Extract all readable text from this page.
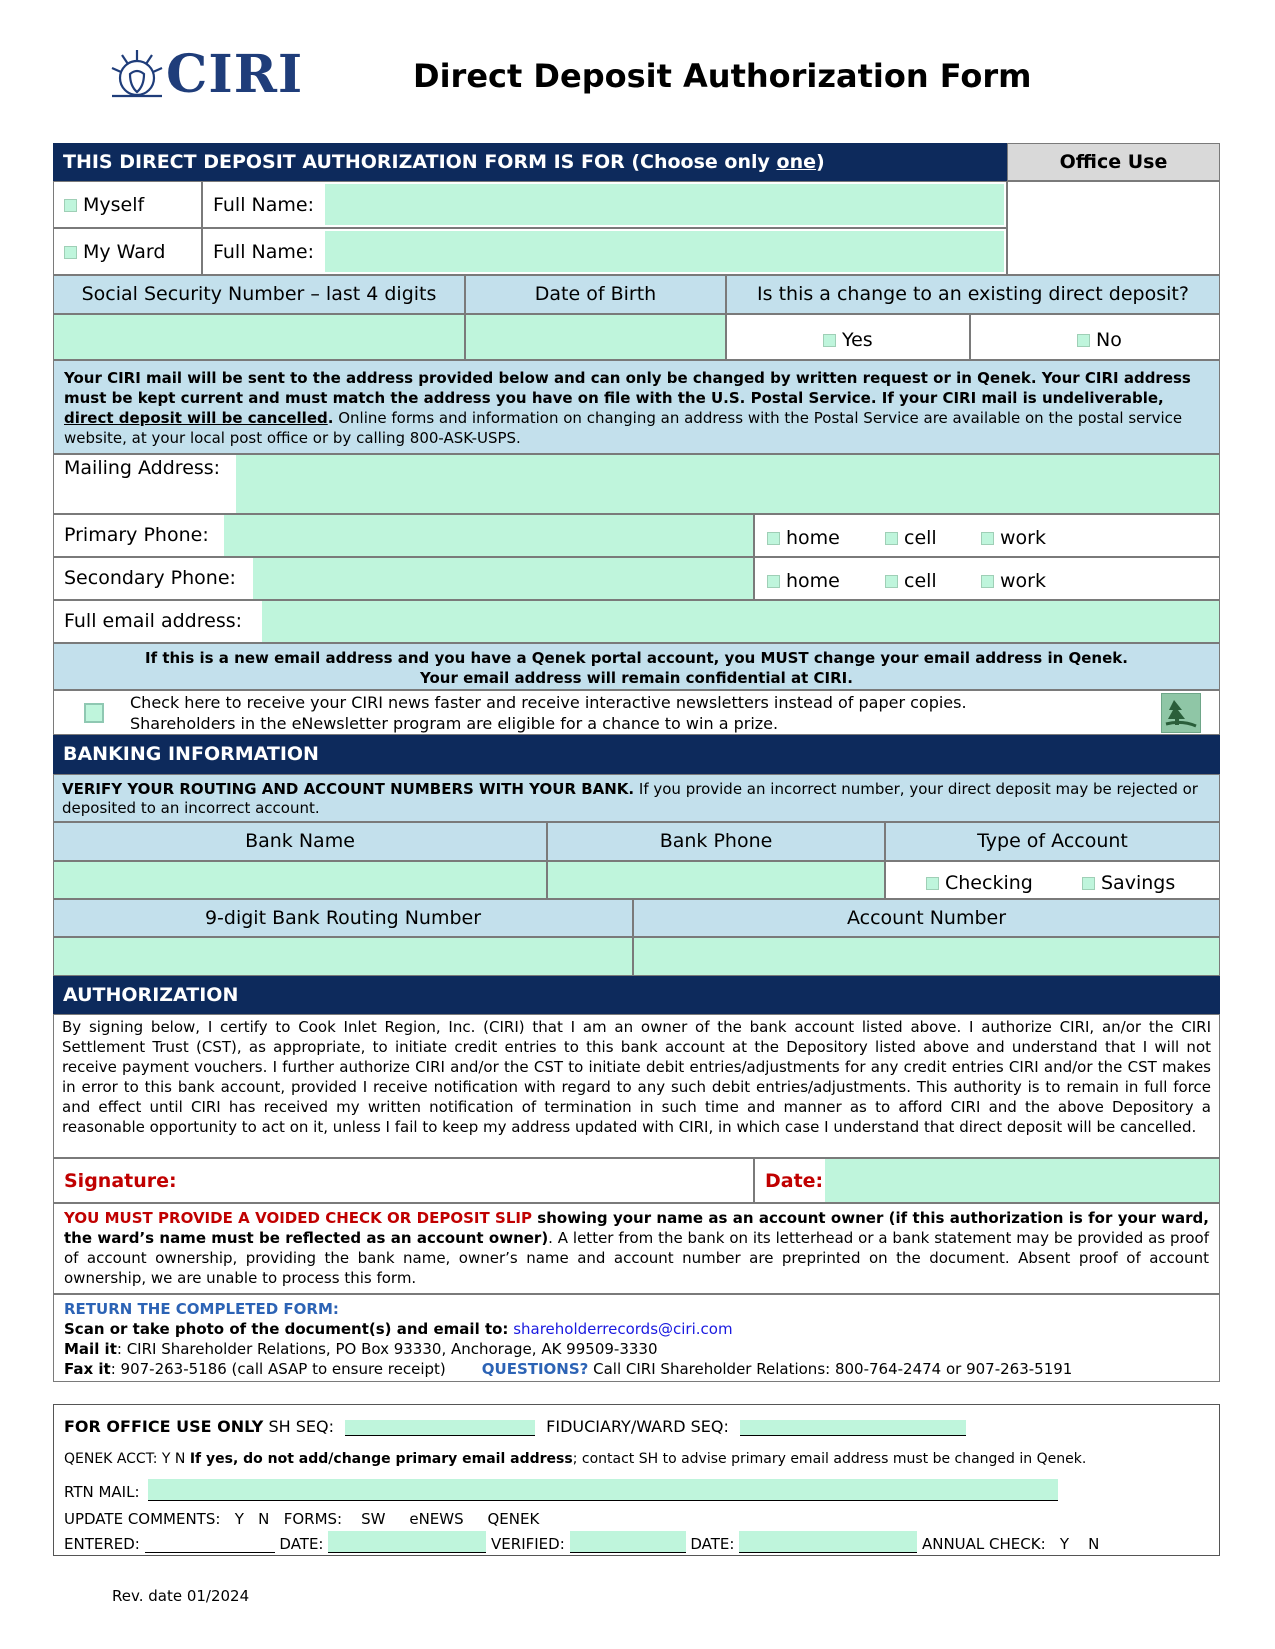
CIRI	Direct Deposit Authorization Form
THIS DIRECT DEPOSIT AUTHORIZATION FORM IS FOR (Choose only one)	Office Use
Myself	Full Name:
My Ward	Full Name:
Social Security Number – last 4 digits	Date of Birth	Is this a change to an existing direct deposit?
Yes	No
Your CIRI mail will be sent to the address provided below and can only be changed by written request or in Qenek. Your CIRI address must be kept current and must match the address you have on file with the U.S. Postal Service. If your CIRI mail is undeliverable, direct deposit will be cancelled. Online forms and information on changing an address with the Postal Service are available on the postal service website, at your local post office or by calling 800-ASK-USPS.
Mailing Address:
Primary Phone:	home	cell	work
Secondary Phone:	home	cell	work
Full email address:
If this is a new email address and you have a Qenek portal account, you MUST change your email address in Qenek.
Your email address will remain confidential at CIRI.
Check here to receive your CIRI news faster and receive interactive newsletters instead of paper copies.
Shareholders in the eNewsletter program are eligible for a chance to win a prize.
BANKING INFORMATION
VERIFY YOUR ROUTING AND ACCOUNT NUMBERS WITH YOUR BANK. If you provide an incorrect number, your direct deposit may be rejected or deposited to an incorrect account.
Bank Name	Bank Phone	Type of Account
Checking	Savings
9-digit Bank Routing Number	Account Number
AUTHORIZATION
By signing below, I certify to Cook Inlet Region, Inc. (CIRI) that I am an owner of the bank account listed above. I authorize CIRI, an/or the CIRI Settlement Trust (CST), as appropriate, to initiate credit entries to this bank account at the Depository listed above and understand that I will not receive payment vouchers. I further authorize CIRI and/or the CST to initiate debit entries/adjustments for any credit entries CIRI and/or the CST makes in error to this bank account, provided I receive notification with regard to any such debit entries/adjustments. This authority is to remain in full force and effect until CIRI has received my written notification of termination in such time and manner as to afford CIRI and the above Depository a reasonable opportunity to act on it, unless I fail to keep my address updated with CIRI, in which case I understand that direct deposit will be cancelled.
Signature:	Date:
YOU MUST PROVIDE A VOIDED CHECK OR DEPOSIT SLIP showing your name as an account owner (if this authorization is for your ward, the ward’s name must be reflected as an account owner). A letter from the bank on its letterhead or a bank statement may be provided as proof of account ownership, providing the bank name, owner’s name and account number are preprinted on the document. Absent proof of account ownership, we are unable to process this form.
RETURN THE COMPLETED FORM:
Scan or take photo of the document(s) and email to: shareholderrecords@ciri.com
Mail it: CIRI Shareholder Relations, PO Box 93330, Anchorage, AK 99509-3330
Fax it: 907-263-5186 (call ASAP to ensure receipt) QUESTIONS? Call CIRI Shareholder Relations: 800-764-2474 or 907-263-5191
FOR OFFICE USE ONLY SH SEQ:	FIDUCIARY/WARD SEQ:
QENEK ACCT: Y N If yes, do not add/change primary email address; contact SH to advise primary email address must be changed in Qenek.
RTN MAIL:
UPDATE COMMENTS:   Y   N   FORMS:    SW     eNEWS     QENEK
ENTERED:	DATE:	VERIFIED:	DATE:	ANNUAL CHECK:   Y    N
Rev. date 01/2024
